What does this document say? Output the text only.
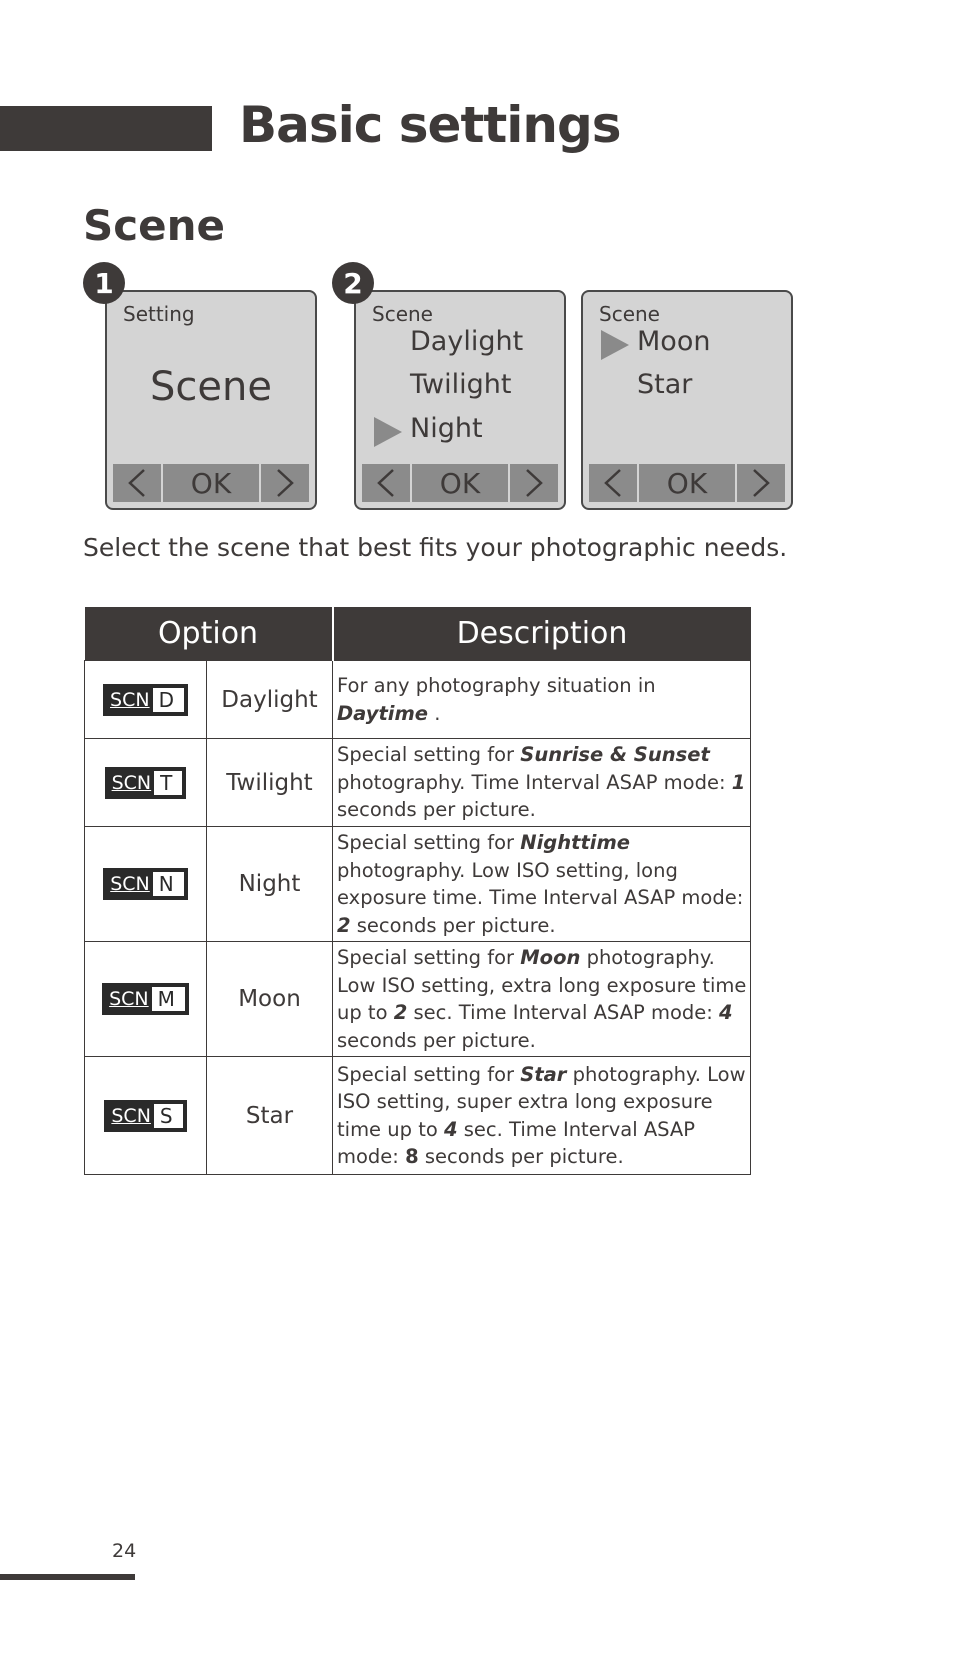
Basic settings
Scene
Setting
Scene
OK
1
Scene
Daylight
Twilight
Night
OK
2
Scene
Moon
Star
OK

Select the scene that best fits your photographic needs.

Option		Description

SCN D	Daylight	For any photography situation in Daytime .

SCN T	Twilight	Special setting for Sunrise & Sunset photography. Time Interval ASAP mode: 1 seconds per picture.

SCN N	Night	Special setting for Nighttime photography. Low ISO setting, long exposure time. Time Interval ASAP mode: 2 seconds per picture.

SCN M	Moon	Special setting for Moon photography. Low ISO setting, extra long exposure time up to 2 sec. Time Interval ASAP mode: 4 seconds per picture.

SCN S	Star	Special setting for Star photography. Low ISO setting, super extra long exposure time up to 4 sec. Time Interval ASAP mode: 8 seconds per picture.
24
